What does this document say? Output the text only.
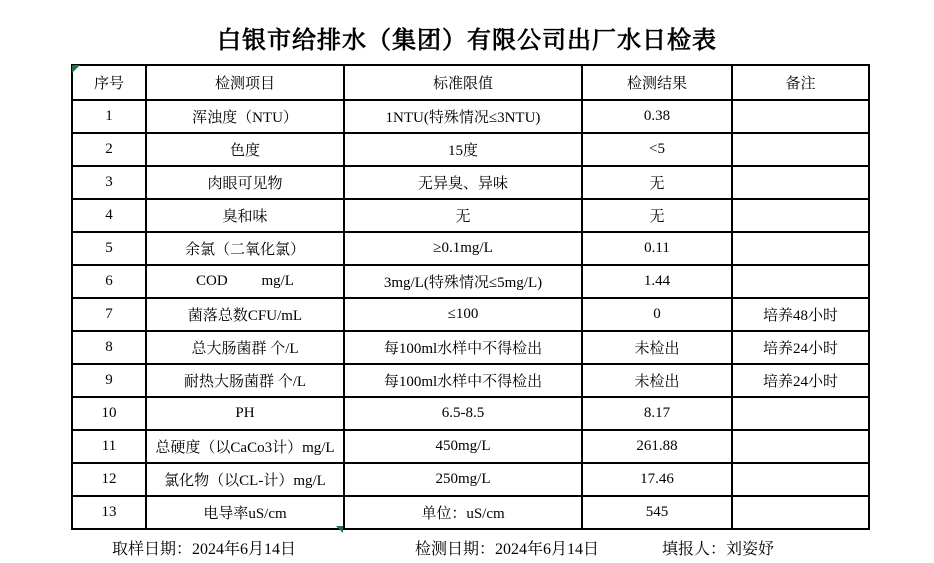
白银市给排水（集团）有限公司出厂水日检表
序号	检测项目	标准限值	检测结果	备注
1	浑浊度（NTU）	1NTU(特殊情况≤3NTU)	0.38	
2	色度	15度	<5	
3	肉眼可见物	无异臭、异味	无	
4	臭和味	无	无	
5	余氯（二氧化氯）	≥0.1mg/L	0.11	
6	COD         mg/L	3mg/L(特殊情况≤5mg/L)	1.44	
7	菌落总数CFU/mL	≤100	0	培养48小时
8	总大肠菌群 个/L	每100ml水样中不得检出	未检出	培养24小时
9	耐热大肠菌群 个/L	每100ml水样中不得检出	未检出	培养24小时
10	PH	6.5-8.5	8.17	
11	总硬度（以CaCo3计）mg/L	450mg/L	261.88	
12	氯化物（以CL-计）mg/L	250mg/L	17.46	
13	电导率uS/cm	单位：uS/cm	545	
取样日期：2024年6月14日	检测日期：2024年6月14日	填报人：刘姿妤
